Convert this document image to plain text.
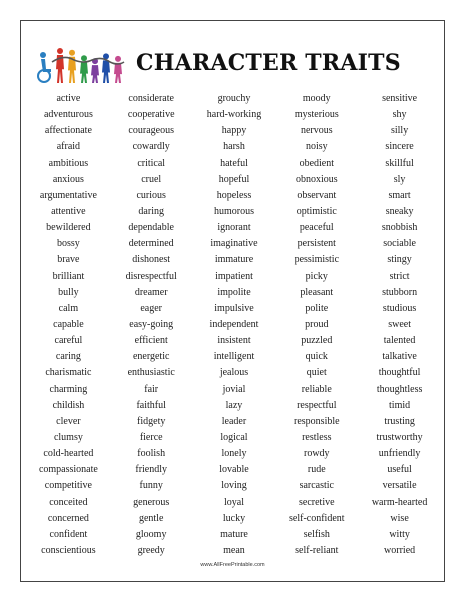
CHARACTER TRAITS
active	considerate	grouchy	moody	sensitive
adventurous	cooperative	hard-working	mysterious	shy
affectionate	courageous	happy	nervous	silly
afraid	cowardly	harsh	noisy	sincere
ambitious	critical	hateful	obedient	skillful
anxious	cruel	hopeful	obnoxious	sly
argumentative	curious	hopeless	observant	smart
attentive	daring	humorous	optimistic	sneaky
bewildered	dependable	ignorant	peaceful	snobbish
bossy	determined	imaginative	persistent	sociable
brave	dishonest	immature	pessimistic	stingy
brilliant	disrespectful	impatient	picky	strict
bully	dreamer	impolite	pleasant	stubborn
calm	eager	impulsive	polite	studious
capable	easy-going	independent	proud	sweet
careful	efficient	insistent	puzzled	talented
caring	energetic	intelligent	quick	talkative
charismatic	enthusiastic	jealous	quiet	thoughtful
charming	fair	jovial	reliable	thoughtless
childish	faithful	lazy	respectful	timid
clever	fidgety	leader	responsible	trusting
clumsy	fierce	logical	restless	trustworthy
cold-hearted	foolish	lonely	rowdy	unfriendly
compassionate	friendly	lovable	rude	useful
competitive	funny	loving	sarcastic	versatile
conceited	generous	loyal	secretive	warm-hearted
concerned	gentle	lucky	self-confident	wise
confident	gloomy	mature	selfish	witty
conscientious	greedy	mean	self-reliant	worried
www.AllFreePrintable.com
